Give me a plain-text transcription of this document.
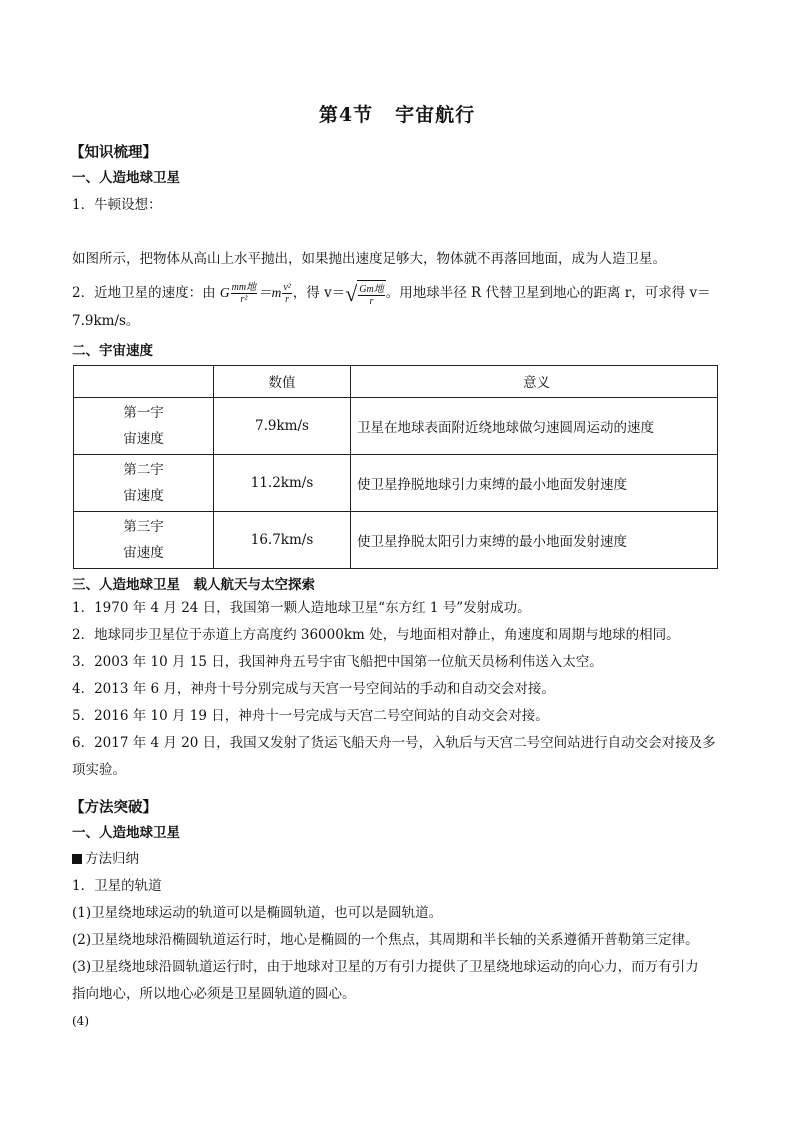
第4节 宇宙航行
【知识梳理】
一、人造地球卫星

1．牛顿设想：

如图所示，把物体从高山上水平抛出，如果抛出速度足够大，物体就不再落回地面，成为人造卫星。

2．近地卫星的速度：由 G $\frac{\text{mm地}}{\text{r²}} =m \frac{\text{v²}}{r}$ ，得 v＝ √ $\frac{\text{Gm地}}{r}$ 。用地球半径 R 代替卫星到地心的距离 r，可求得 v＝

7.9km/s。

二、宇宙速度
	数值	意义
第一宇
宙速度	7.9km/s	卫星在地球表面附近绕地球做匀速圆周运动的速度
第二宇
宙速度	11.2km/s	使卫星挣脱地球引力束缚的最小地面发射速度
第三宇
宙速度	16.7km/s	使卫星挣脱太阳引力束缚的最小地面发射速度
三、人造地球卫星　载人航天与太空探索

1．1970 年 4 月 24 日，我国第一颗人造地球卫星“东方红 1 号”发射成功。

2．地球同步卫星位于赤道上方高度约 36000km 处，与地面相对静止，角速度和周期与地球的相同。

3．2003 年 10 月 15 日，我国神舟五号宇宙飞船把中国第一位航天员杨利伟送入太空。

4．2013 年 6 月，神舟十号分别完成与天宫一号空间站的手动和自动交会对接。

5．2016 年 10 月 19 日，神舟十一号完成与天宫二号空间站的自动交会对接。

6．2017 年 4 月 20 日，我国又发射了货运飞船天舟一号，入轨后与天宫二号空间站进行自动交会对接及多

项实验。

【方法突破】
一、人造地球卫星
方法归纳

1．卫星的轨道

(1)卫星绕地球运动的轨道可以是椭圆轨道，也可以是圆轨道。

(2)卫星绕地球沿椭圆轨道运行时，地心是椭圆的一个焦点，其周期和半长轴的关系遵循开普勒第三定律。

(3)卫星绕地球沿圆轨道运行时，由于地球对卫星的万有引力提供了卫星绕地球运动的向心力，而万有引力

指向地心，所以地心必须是卫星圆轨道的圆心。

(4)
